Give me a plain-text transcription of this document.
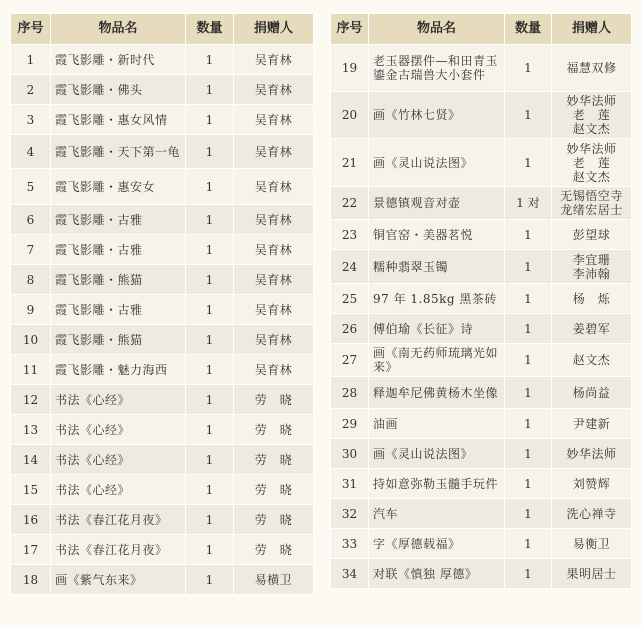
序号	物品名	数量	捐赠人
1	霞飞影雕・新时代	1	吴育林
2	霞飞影雕・佛头	1	吴育林
3	霞飞影雕・惠女风情	1	吴育林
4	霞飞影雕・天下第一龟	1	吴育林
5	霞飞影雕・惠安女	1	吴育林
6	霞飞影雕・古雅	1	吴育林
7	霞飞影雕・古雅	1	吴育林
8	霞飞影雕・熊猫	1	吴育林
9	霞飞影雕・古雅	1	吴育林
10	霞飞影雕・熊猫	1	吴育林
11	霞飞影雕・魅力海西	1	吴育林
12	书法《心经》	1	劳　晓
13	书法《心经》	1	劳　晓
14	书法《心经》	1	劳　晓
15	书法《心经》	1	劳　晓
16	书法《春江花月夜》	1	劳　晓
17	书法《春江花月夜》	1	劳　晓
18	画《紫气东来》	1	易横卫
序号	物品名	数量	捐赠人
19	老玉器摆件—和田青玉鎏金古瑞兽大小套件	1	福慧双修
20	画《竹林七贤》	1	妙华法师
老　莲
赵文杰
21	画《灵山说法图》	1	妙华法师
老　莲
赵文杰
22	景德镇观音对壶	1 对	无锡悟空寺
龙绪宏居士
23	铜官窑・美器茗悦	1	彭望球
24	糯种翡翠玉镯	1	李宜珊
李沛翰
25	97 年 1.85kg 黑茶砖	1	杨　烁
26	傅伯瑜《长征》诗	1	姜碧军
27	画《南无药师琉璃光如来》	1	赵文杰
28	释迦牟尼佛黄杨木坐像	1	杨尚益
29	油画	1	尹建新
30	画《灵山说法图》	1	妙华法师
31	持如意弥勒玉髓手玩件	1	刘赞辉
32	汽车	1	洗心禅寺
33	字《厚德载福》	1	易衡卫
34	对联《慎独 厚德》	1	果明居士
